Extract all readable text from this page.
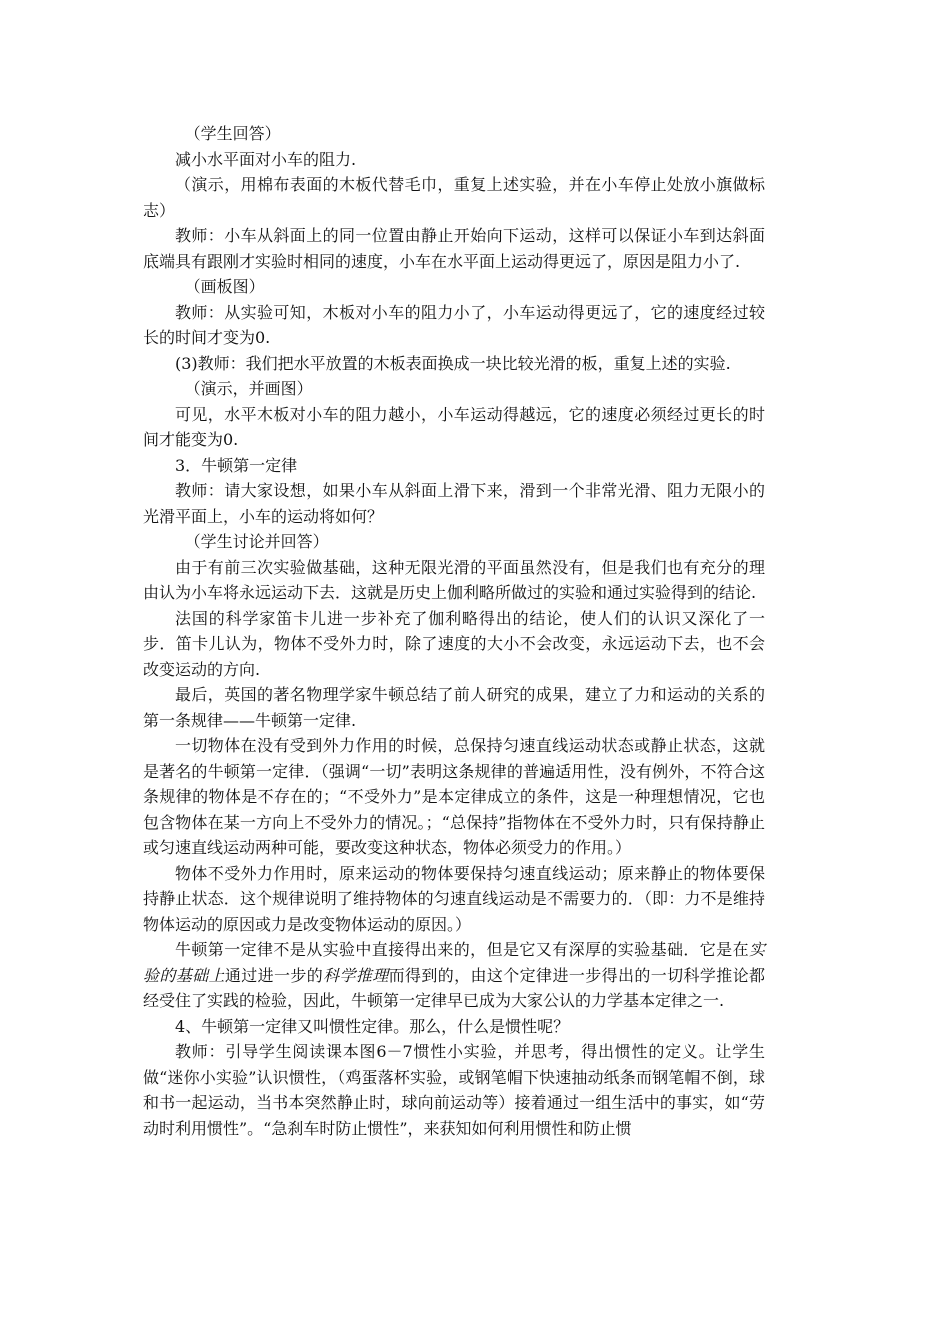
（学生回答）

减小水平面对小车的阻力.

（演示，用棉布表面的木板代替毛巾，重复上述实验，并在小车停止处放小旗做标志）

教师：小车从斜面上的同一位置由静止开始向下运动，这样可以保证小车到达斜面底端具有跟刚才实验时相同的速度，小车在水平面上运动得更远了，原因是阻力小了.

（画板图）

教师：从实验可知，木板对小车的阻力小了，小车运动得更远了，它的速度经过较长的时间才变为0.

(3)教师：我们把水平放置的木板表面换成一块比较光滑的板，重复上述的实验.

（演示，并画图）

可见，水平木板对小车的阻力越小，小车运动得越远，它的速度必须经过更长的时间才能变为0.

3．牛顿第一定律

教师：请大家设想，如果小车从斜面上滑下来，滑到一个非常光滑、阻力无限小的光滑平面上，小车的运动将如何？

（学生讨论并回答）

由于有前三次实验做基础，这种无限光滑的平面虽然没有，但是我们也有充分的理由认为小车将永远运动下去．这就是历史上伽利略所做过的实验和通过实验得到的结论.

法国的科学家笛卡儿进一步补充了伽利略得出的结论，使人们的认识又深化了一步．笛卡儿认为，物体不受外力时，除了速度的大小不会改变，永远运动下去，也不会改变运动的方向.

最后，英国的著名物理学家牛顿总结了前人研究的成果，建立了力和运动的关系的第一条规律——牛顿第一定律.

一切物体在没有受到外力作用的时候，总保持匀速直线运动状态或静止状态，这就是著名的牛顿第一定律．（强调“一切”表明这条规律的普遍适用性，没有例外，不符合这条规律的物体是不存在的；“不受外力”是本定律成立的条件，这是一种理想情况，它也包含物体在某一方向上不受外力的情况。；“总保持”指物体在不受外力时，只有保持静止或匀速直线运动两种可能，要改变这种状态，物体必须受力的作用。）

物体不受外力作用时，原来运动的物体要保持匀速直线运动；原来静止的物体要保持静止状态．这个规律说明了维持物体的匀速直线运动是不需要力的．（即：力不是维持物体运动的原因或力是改变物体运动的原因。）

牛顿第一定律不是从实验中直接得出来的，但是它又有深厚的实验基础．它是在实验的基础上通过进一步的科学推理而得到的，由这个定律进一步得出的一切科学推论都经受住了实践的检验，因此，牛顿第一定律早已成为大家公认的力学基本定律之一.

4、牛顿第一定律又叫惯性定律。那么，什么是惯性呢？

教师：引导学生阅读课本图6－7惯性小实验，并思考，得出惯性的定义。让学生做“迷你小实验”认识惯性，（鸡蛋落杯实验，或钢笔帽下快速抽动纸条而钢笔帽不倒，球和书一起运动，当书本突然静止时，球向前运动等）接着通过一组生活中的事实，如“劳动时利用惯性”。“急刹车时防止惯性”，来获知如何利用惯性和防止惯
